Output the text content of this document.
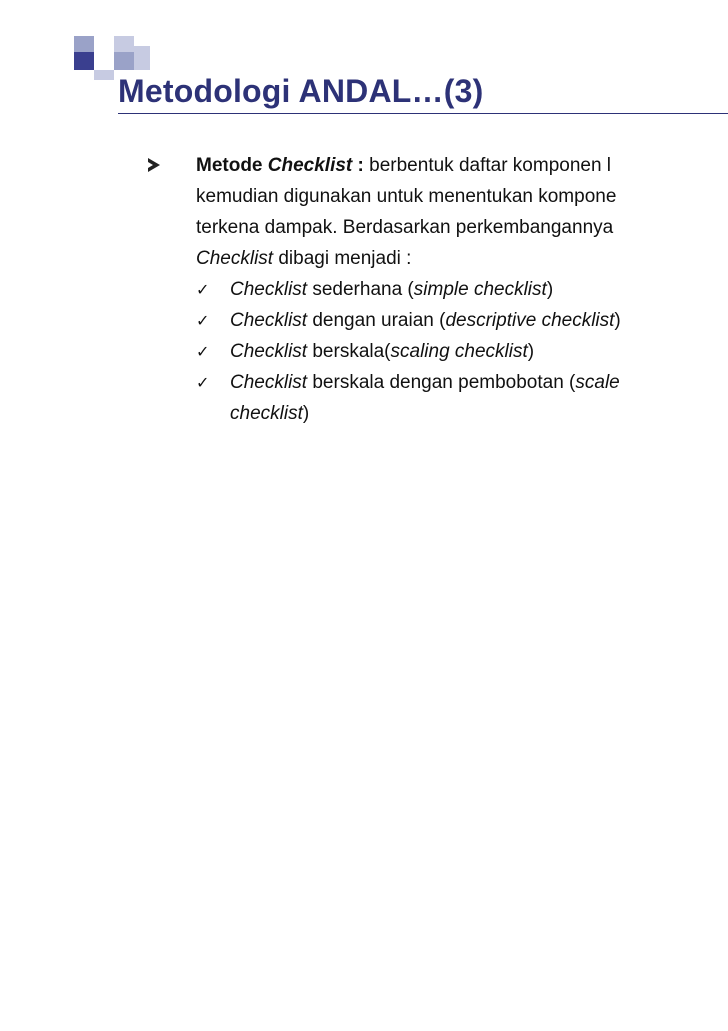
Metodologi ANDAL…(3)
Metode Checklist : berbentuk daftar komponen l
kemudian digunakan untuk menentukan kompone
terkena dampak. Berdasarkan perkembangannya
Checklist dibagi menjadi :
✓ Checklist sederhana (simple checklist)
✓ Checklist dengan uraian (descriptive checklist)
✓ Checklist berskala(scaling checklist)
✓ Checklist berskala dengan pembobotan (scale
checklist)
